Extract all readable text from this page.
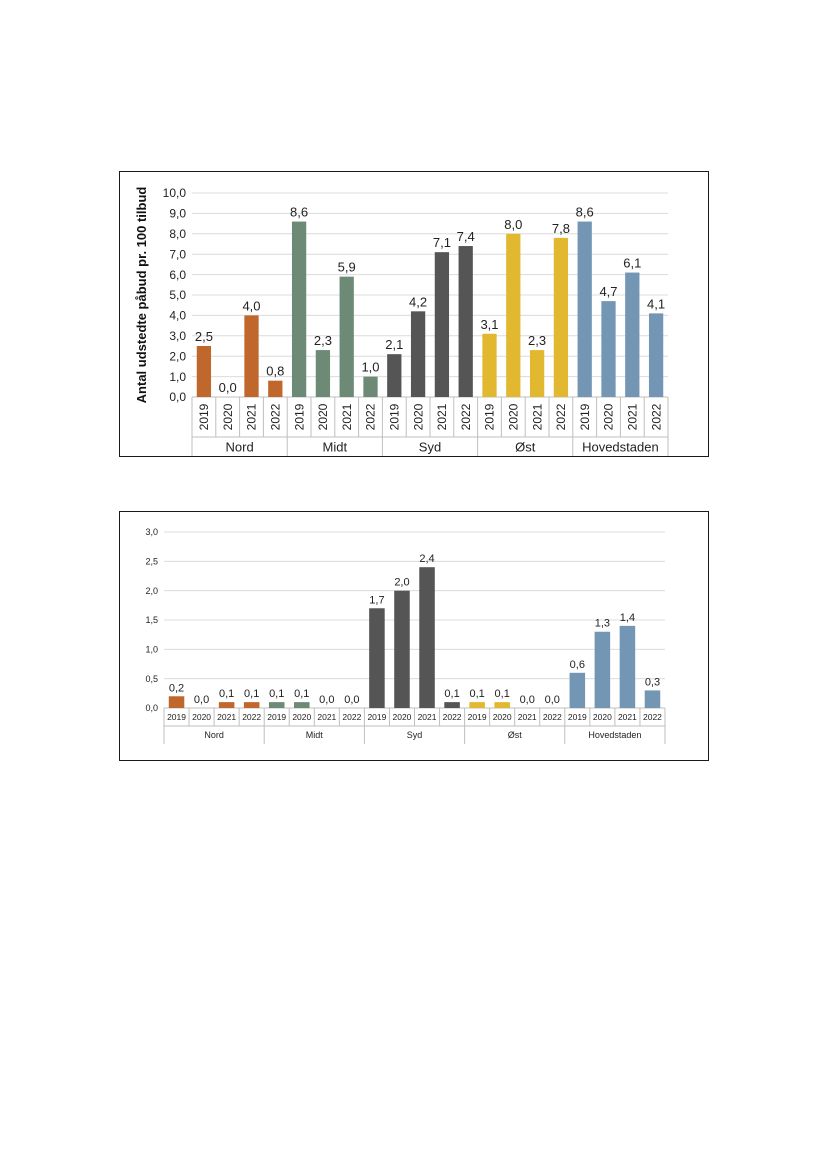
0,0
1,0
2,0
3,0
4,0
5,0
6,0
7,0
8,0
9,0
10,0
Antal udstedte påbud pr. 100 tilbud	2,5
2019
0,0
2020
4,0
2021
0,8
2022
Nord
8,6
2019
2,3
2020
5,9
2021
1,0
2022
Midt
2,1
2019
4,2
2020
7,1
2021
7,4
2022
Syd
3,1
2019
8,0
2020
2,3
2021
7,8
2022
Øst
8,6
2019
4,7
2020
6,1
2021
4,1
2022
Hovedstaden
0,0
0,5
1,0
1,5
2,0
2,5
3,0
0,2
2019
0,0
2020
0,1
2021
0,1
2022
Nord
0,1
2019
0,1
2020
0,0
2021
0,0
2022
Midt
1,7
2019
2,0
2020
2,4
2021
0,1
2022
Syd
0,1
2019
0,1
2020
0,0
2021
0,0
2022
Øst
0,6
2019
1,3
2020
1,4
2021
0,3
2022
Hovedstaden
